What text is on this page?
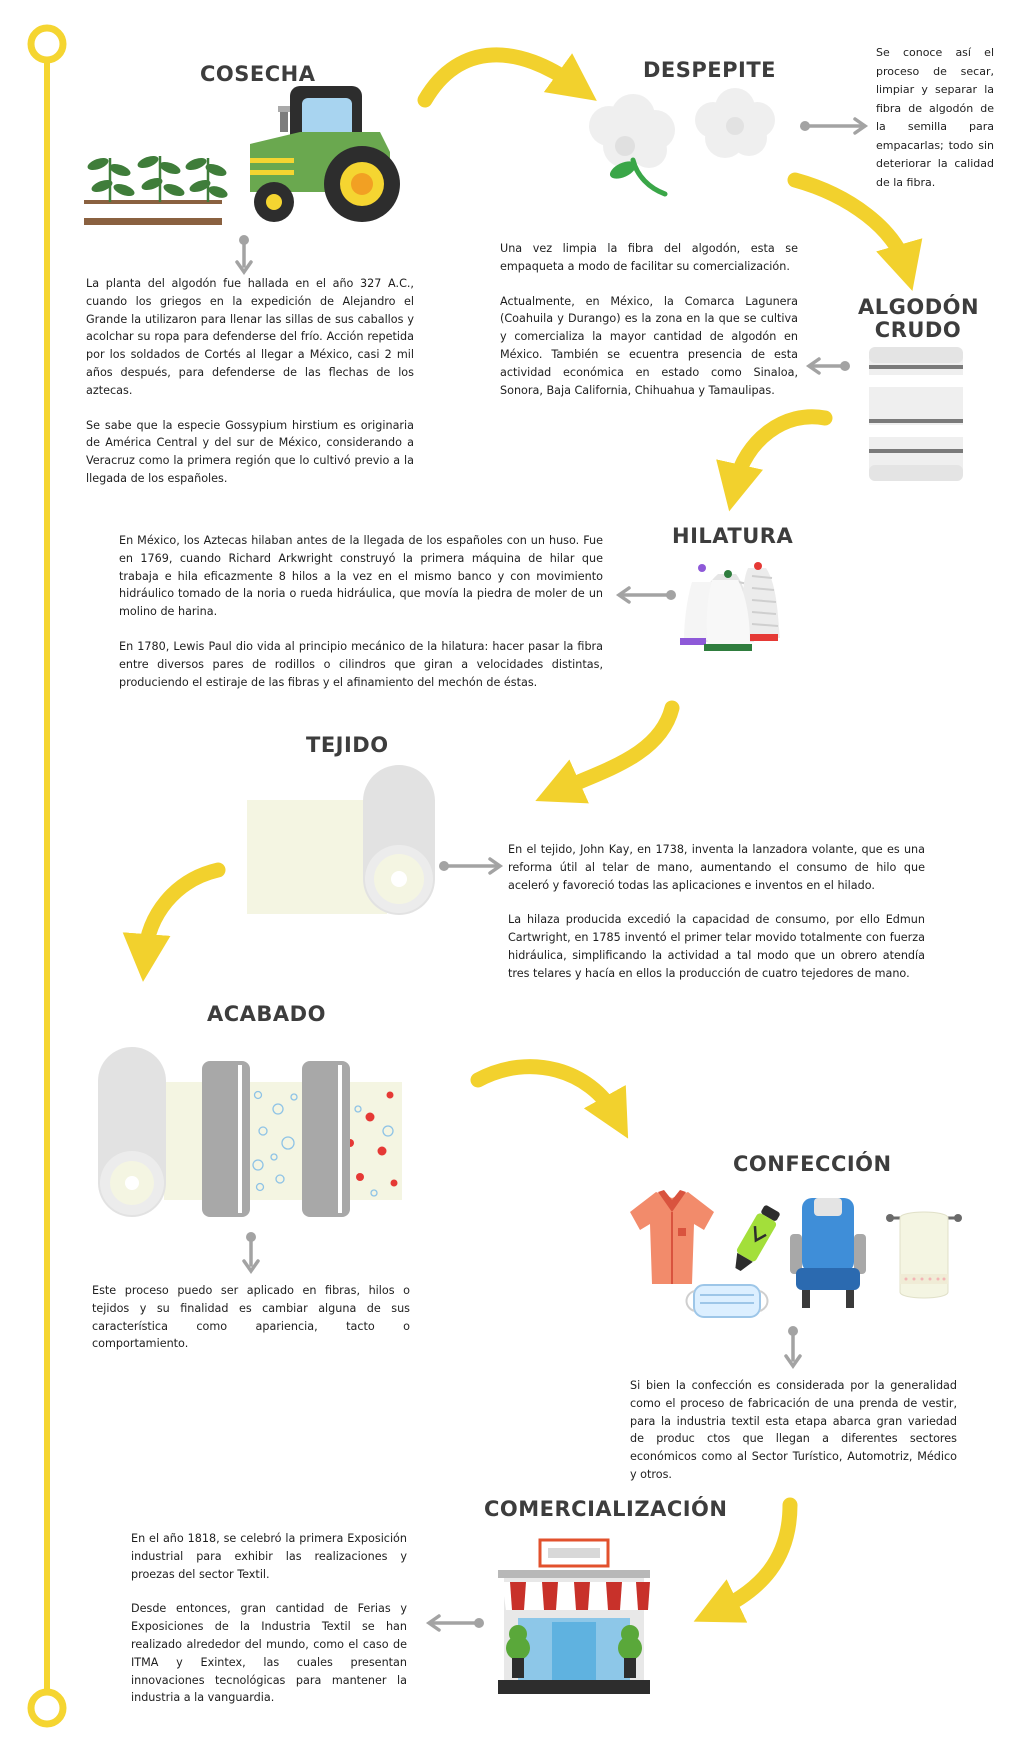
COSECHA

La planta del algodón fue hallada en el año 327 A.C., cuando los griegos en la expedición de Alejandro el Grande la utilizaron para llenar las sillas de sus caballos y acolchar su ropa para defenderse del frío. Acción repetida por los soldados de Cortés al llegar a México, casi 2 mil años después, para defenderse de las flechas de los aztecas.

Se sabe que la especie Gossypium hirstium es originaria de América Central y del sur de México, considerando a Veracruz como la primera región que lo cultivó previo a la llegada de los españoles.

DESPEPITE

Se conoce así el proceso de secar, limpiar y separar la fibra de algodón de la semilla para empacarlas; todo sin deteriorar la calidad de la fibra.

ALGODÓN
CRUDO

Una vez limpia la fibra del algodón, esta se empaqueta a modo de facilitar su comercialización.

Actualmente, en México, la Comarca Lagunera (Coahuila y Durango) es la zona en la que se cultiva y comercializa la mayor cantidad de algodón en México. También se ecuentra presencia de esta actividad económica en estado como Sinaloa, Sonora, Baja California, Chihuahua y Tamaulipas.

HILATURA

En México, los Aztecas hilaban antes de la llegada de los españoles con un huso. Fue en 1769, cuando Richard Arkwright construyó la primera máquina de hilar que trabaja e hila eficazmente 8 hilos a la vez en el mismo banco y con movimiento hidráulico tomado de la noria o rueda hidráulica, que movía la piedra de moler de un molino de harina.

En 1780, Lewis Paul dio vida al principio mecánico de la hilatura: hacer pasar la fibra entre diversos pares de rodillos o cilindros que giran a velocidades distintas, produciendo el estiraje de las fibras y el afinamiento del mechón de éstas.

TEJIDO

En el tejido, John Kay, en 1738, inventa la lanzadora volante, que es una reforma útil al telar de mano, aumentando el consumo de hilo que aceleró y favoreció todas las aplicaciones e inventos en el hilado.

La hilaza producida excedió la capacidad de consumo, por ello Edmun Cartwright, en 1785 inventó el primer telar movido totalmente con fuerza hidráulica, simplificando la actividad a tal modo que un obrero atendía tres telares y hacía en ellos la producción de cuatro tejedores de mano.

ACABADO

Este proceso puedo ser aplicado en fibras, hilos o tejidos y su finalidad es cambiar alguna de sus característica como apariencia, tacto o comportamiento.

CONFECCIÓN

Si bien la confección es considerada por la generalidad como el proceso de fabricación de una prenda de vestir, para la industria textil esta etapa abarca gran variedad de produc ctos que llegan a diferentes sectores económicos como al Sector Turístico, Automotriz, Médico y otros.

COMERCIALIZACIÓN

En el año 1818, se celebró la primera Exposición industrial para exhibir las realizaciones y proezas del sector Textil.

Desde entonces, gran cantidad de Ferias y Exposiciones de la Industria Textil se han realizado alrededor del mundo, como el caso de ITMA y Exintex, las cuales presentan innovaciones tecnológicas para mantener la industria a la vanguardia.
